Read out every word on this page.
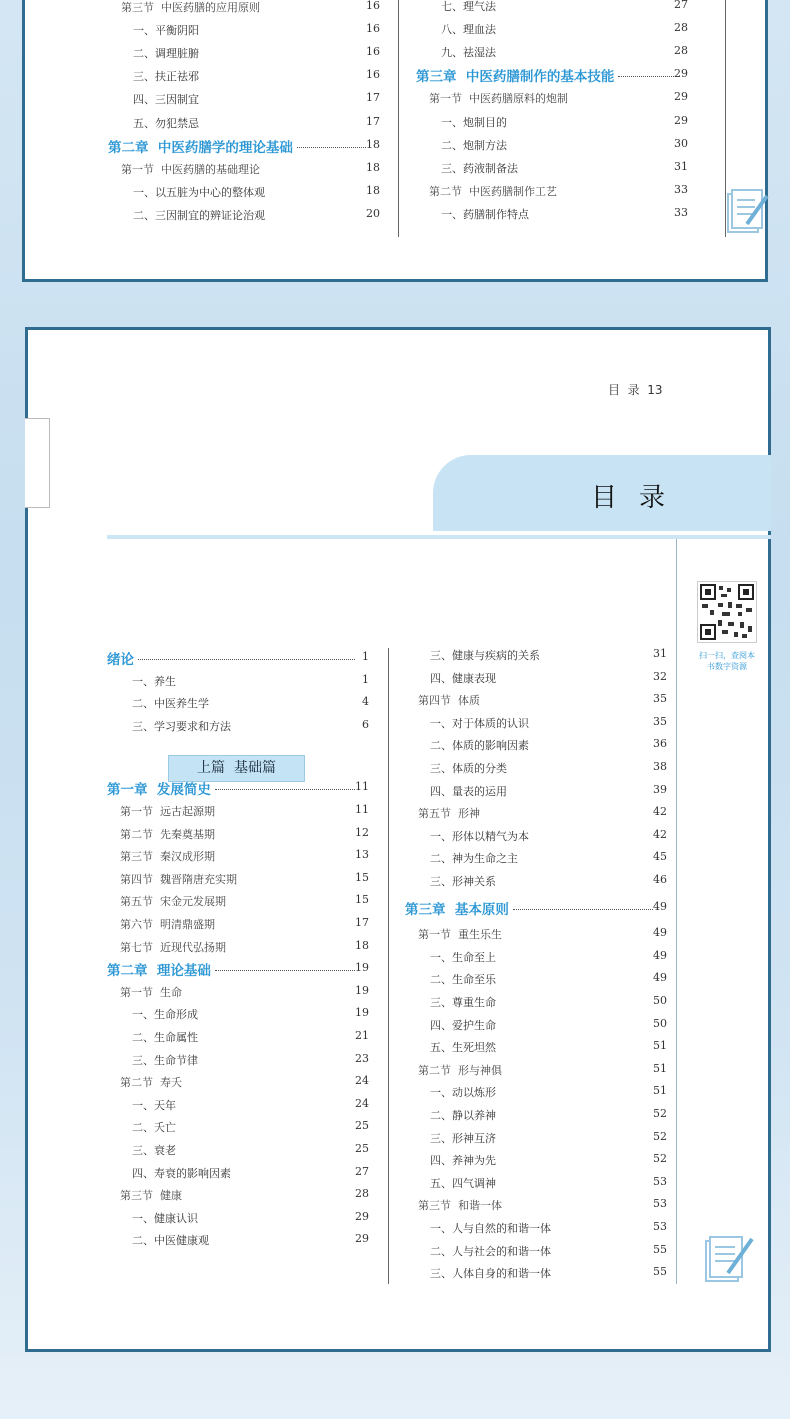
第三节  中医药膳的应用原则	16
一、平衡阴阳	16
二、调理脏腑	16
三、扶正祛邪	16
四、三因制宜	17
五、勿犯禁忌	17
第二章  中医药膳学的理论基础	18
第一节  中医药膳的基础理论	18
一、以五脏为中心的整体观	18
二、三因制宜的辨证论治观	20
七、理气法	27
八、理血法	28
九、祛湿法	28
第三章  中医药膳制作的基本技能	29
第一节  中医药膳原料的炮制	29
一、炮制目的	29
二、炮制方法	30
三、药液制备法	31
第二节  中医药膳制作工艺	33
一、药膳制作特点	33
目  录  13
目录
扫一扫，查阅本书数字资源
绪论	1
一、养生	1
二、中医养生学	4
三、学习要求和方法	6
第一章  发展简史	11
第一节  远古起源期	11
第二节  先秦奠基期	12
第三节  秦汉成形期	13
第四节  魏晋隋唐充实期	15
第五节  宋金元发展期	15
第六节  明清鼎盛期	17
第七节  近现代弘扬期	18
第二章  理论基础	19
第一节  生命	19
一、生命形成	19
二、生命属性	21
三、生命节律	23
第二节  寿夭	24
一、天年	24
二、夭亡	25
三、衰老	25
四、寿衰的影响因素	27
第三节  健康	28
一、健康认识	29
二、中医健康观	29
上篇  基础篇
三、健康与疾病的关系	31
四、健康表现	32
第四节  体质	35
一、对于体质的认识	35
二、体质的影响因素	36
三、体质的分类	38
四、量表的运用	39
第五节  形神	42
一、形体以精气为本	42
二、神为生命之主	45
三、形神关系	46
第三章  基本原则	49
第一节  重生乐生	49
一、生命至上	49
二、生命至乐	49
三、尊重生命	50
四、爱护生命	50
五、生死坦然	51
第二节  形与神俱	51
一、动以炼形	51
二、静以养神	52
三、形神互济	52
四、养神为先	52
五、四气调神	53
第三节  和谐一体	53
一、人与自然的和谐一体	53
二、人与社会的和谐一体	55
三、人体自身的和谐一体	55
